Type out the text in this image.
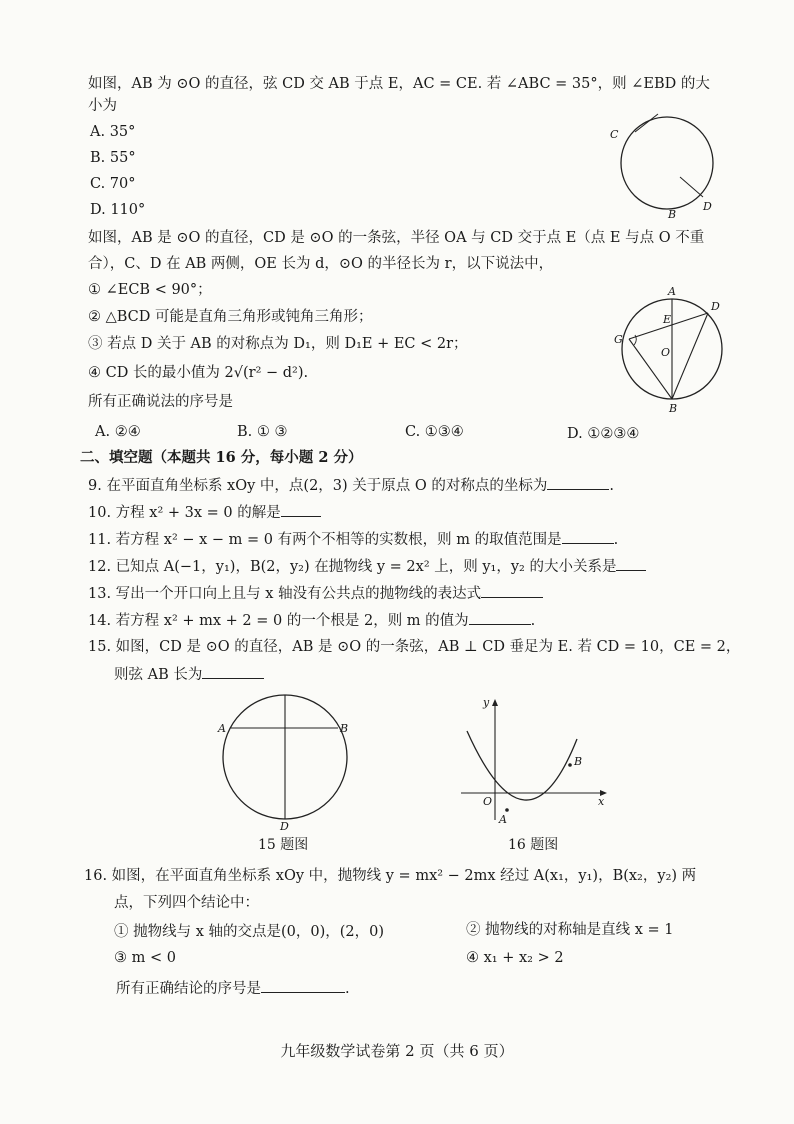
如图，AB 为 ⊙O 的直径，弦 CD 交 AB 于点 E，AC = CE. 若 ∠ABC = 35°，则 ∠EBD 的大
小为
A. 35°
B. 55°
C. 70°
D. 110°
C
B
D
如图，AB 是 ⊙O 的直径，CD 是 ⊙O 的一条弦，半径 OA 与 CD 交于点 E（点 E 与点 O 不重
合），C、D 在 AB 两侧，OE 长为 d，⊙O 的半径长为 r，以下说法中，
① ∠ECB < 90°；
② △BCD 可能是直角三角形或钝角三角形；
③ 若点 D 关于 AB 的对称点为 D₁，则 D₁E + EC < 2r；
④ CD 长的最小值为 2√(r² − d²).
所有正确说法的序号是
A. ②④	B. ① ③	C. ①③④	D. ①②③④
A
D
E
G
O
B
二、填空题（本题共 16 分，每小题 2 分）
9. 在平面直角坐标系 xOy 中，点(2，3) 关于原点 O 的对称点的坐标为	.
10. 方程 x² + 3x = 0 的解是
11. 若方程 x² − x − m = 0 有两个不相等的实数根，则 m 的取值范围是	.
12. 已知点 A(−1，y₁)，B(2，y₂) 在抛物线 y = 2x² 上，则 y₁，y₂ 的大小关系是
13. 写出一个开口向上且与 x 轴没有公共点的抛物线的表达式
14. 若方程 x² + mx + 2 = 0 的一个根是 2，则 m 的值为	.
15. 如图，CD 是 ⊙O 的直径，AB 是 ⊙O 的一条弦，AB ⊥ CD 垂足为 E. 若 CD = 10，CE = 2，
则弦 AB 长为
A	B
D
15 题图
y
x
O
A
B
16 题图
16. 如图，在平面直角坐标系 xOy 中，抛物线 y = mx² − 2mx 经过 A(x₁，y₁)，B(x₂，y₂) 两
点，下列四个结论中：
① 抛物线与 x 轴的交点是(0，0)，(2，0)	② 抛物线的对称轴是直线 x = 1
③ m < 0	④ x₁ + x₂ > 2
所有正确结论的序号是	.
九年级数学试卷第 2 页（共 6 页）
